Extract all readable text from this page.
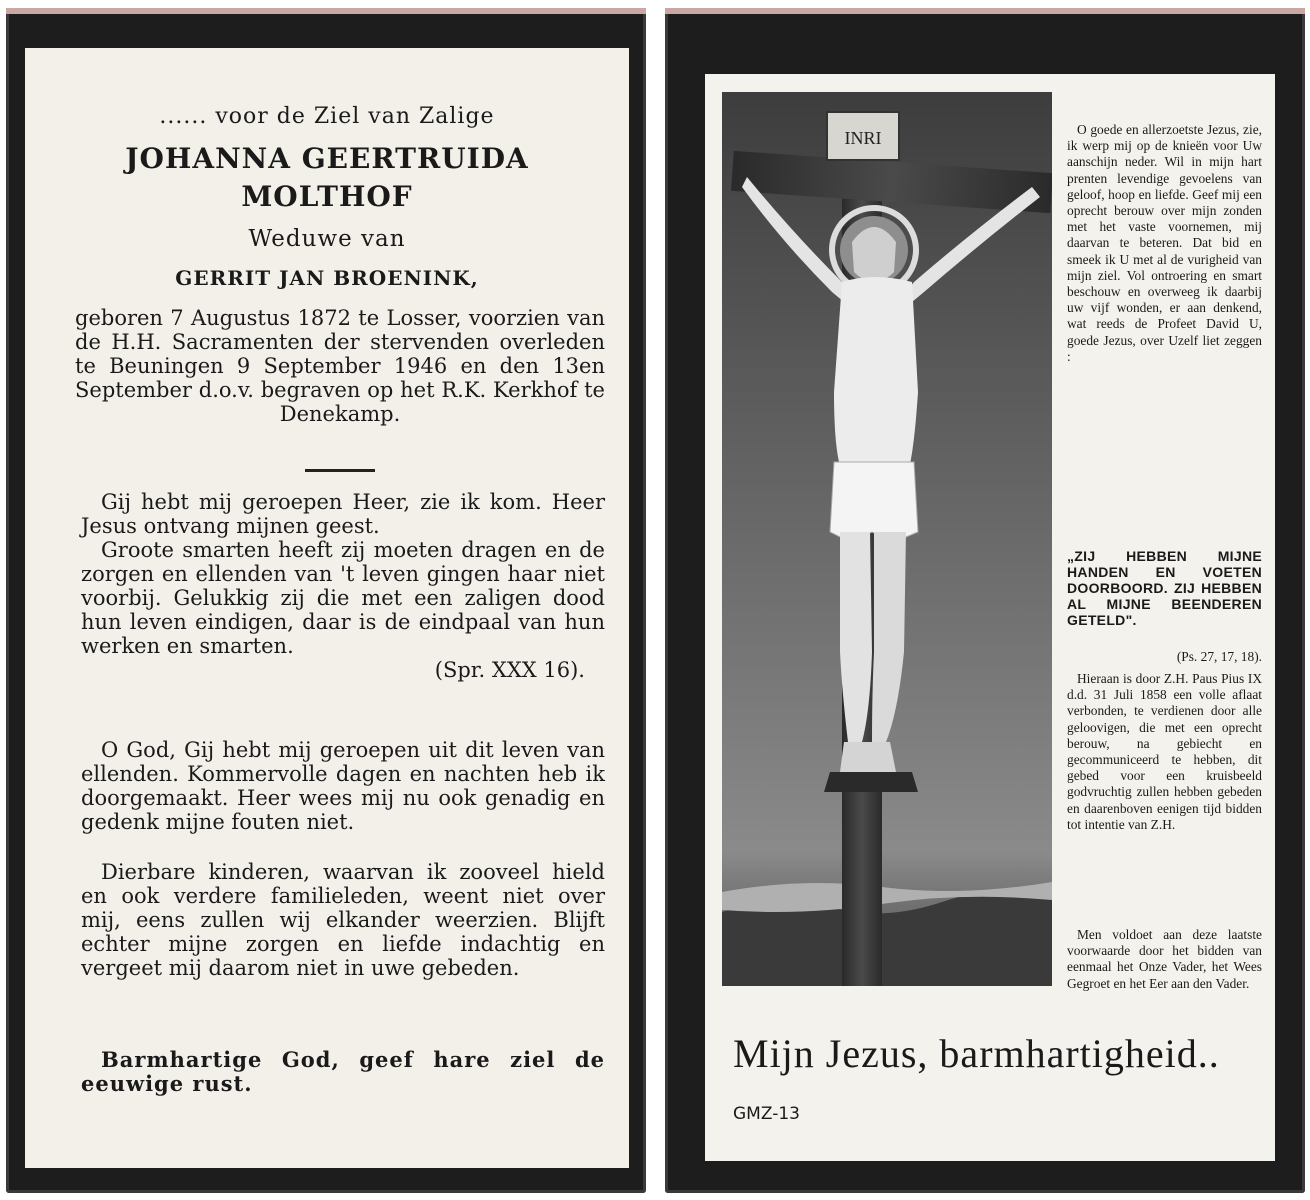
...... voor de Ziel van Zalige
JOHANNA GEERTRUIDA
MOLTHOF
Weduwe van
GERRIT JAN BROENINK,
geboren 7 Augustus 1872 te Losser, voorzien van de H.H. Sacramenten der stervenden overleden te Beuningen 9 September 1946 en den 13en September d.o.v. begraven op het R.K. Kerkhof te Denekamp.

Gij hebt mij geroepen Heer, zie ik kom. Heer Jesus ontvang mijnen geest.

Groote smarten heeft zij moeten dragen en de zorgen en ellenden van 't leven gingen haar niet voorbij. Gelukkig zij die met een zaligen dood hun leven eindigen, daar is de eindpaal van hun werken en smarten.

(Spr. XXX 16).

O God, Gij hebt mij geroepen uit dit leven van ellenden. Kommervolle dagen en nachten heb ik doorgemaakt. Heer wees mij nu ook genadig en gedenk mijne fouten niet.

Dierbare kinderen, waarvan ik zooveel hield en ook verdere familieleden, weent niet over mij, eens zullen wij elkander weerzien. Blijft echter mijne zorgen en liefde indachtig en vergeet mij daarom niet in uwe gebeden.

Barmhartige God, geef hare ziel de eeuwige rust.

INRI	O goede en allerzoetste Jezus, zie, ik werp mij op de knieën voor Uw aanschijn neder. Wil in mijn hart prenten levendige gevoelens van geloof, hoop en liefde. Geef mij een oprecht berouw over mijn zonden met het vaste voornemen, mij daarvan te beteren. Dat bid en smeek ik U met al de vurigheid van mijn ziel. Vol ontroering en smart beschouw en overweeg ik daarbij uw vijf wonden, er aan denkend, wat reeds de Profeet David U, goede Jezus, over Uzelf liet zeggen :

„ZIJ HEBBEN MIJNE HANDEN EN VOETEN DOORBOORD. ZIJ HEBBEN AL MIJNE BEENDEREN GETELD".
(Ps. 27, 17, 18).

Hieraan is door Z.H. Paus Pius IX d.d. 31 Juli 1858 een volle aflaat verbonden, te verdienen door alle geloovigen, die met een oprecht berouw, na gebiecht en gecommuniceerd te hebben, dit gebed voor een kruisbeeld godvruchtig zullen hebben gebeden en daarenboven eenigen tijd bidden tot intentie van Z.H.

Men voldoet aan deze laatste voorwaarde door het bidden van eenmaal het Onze Vader, het Wees Gegroet en het Eer aan den Vader.

Mijn Jezus, barmhartigheid..
GMZ-13
